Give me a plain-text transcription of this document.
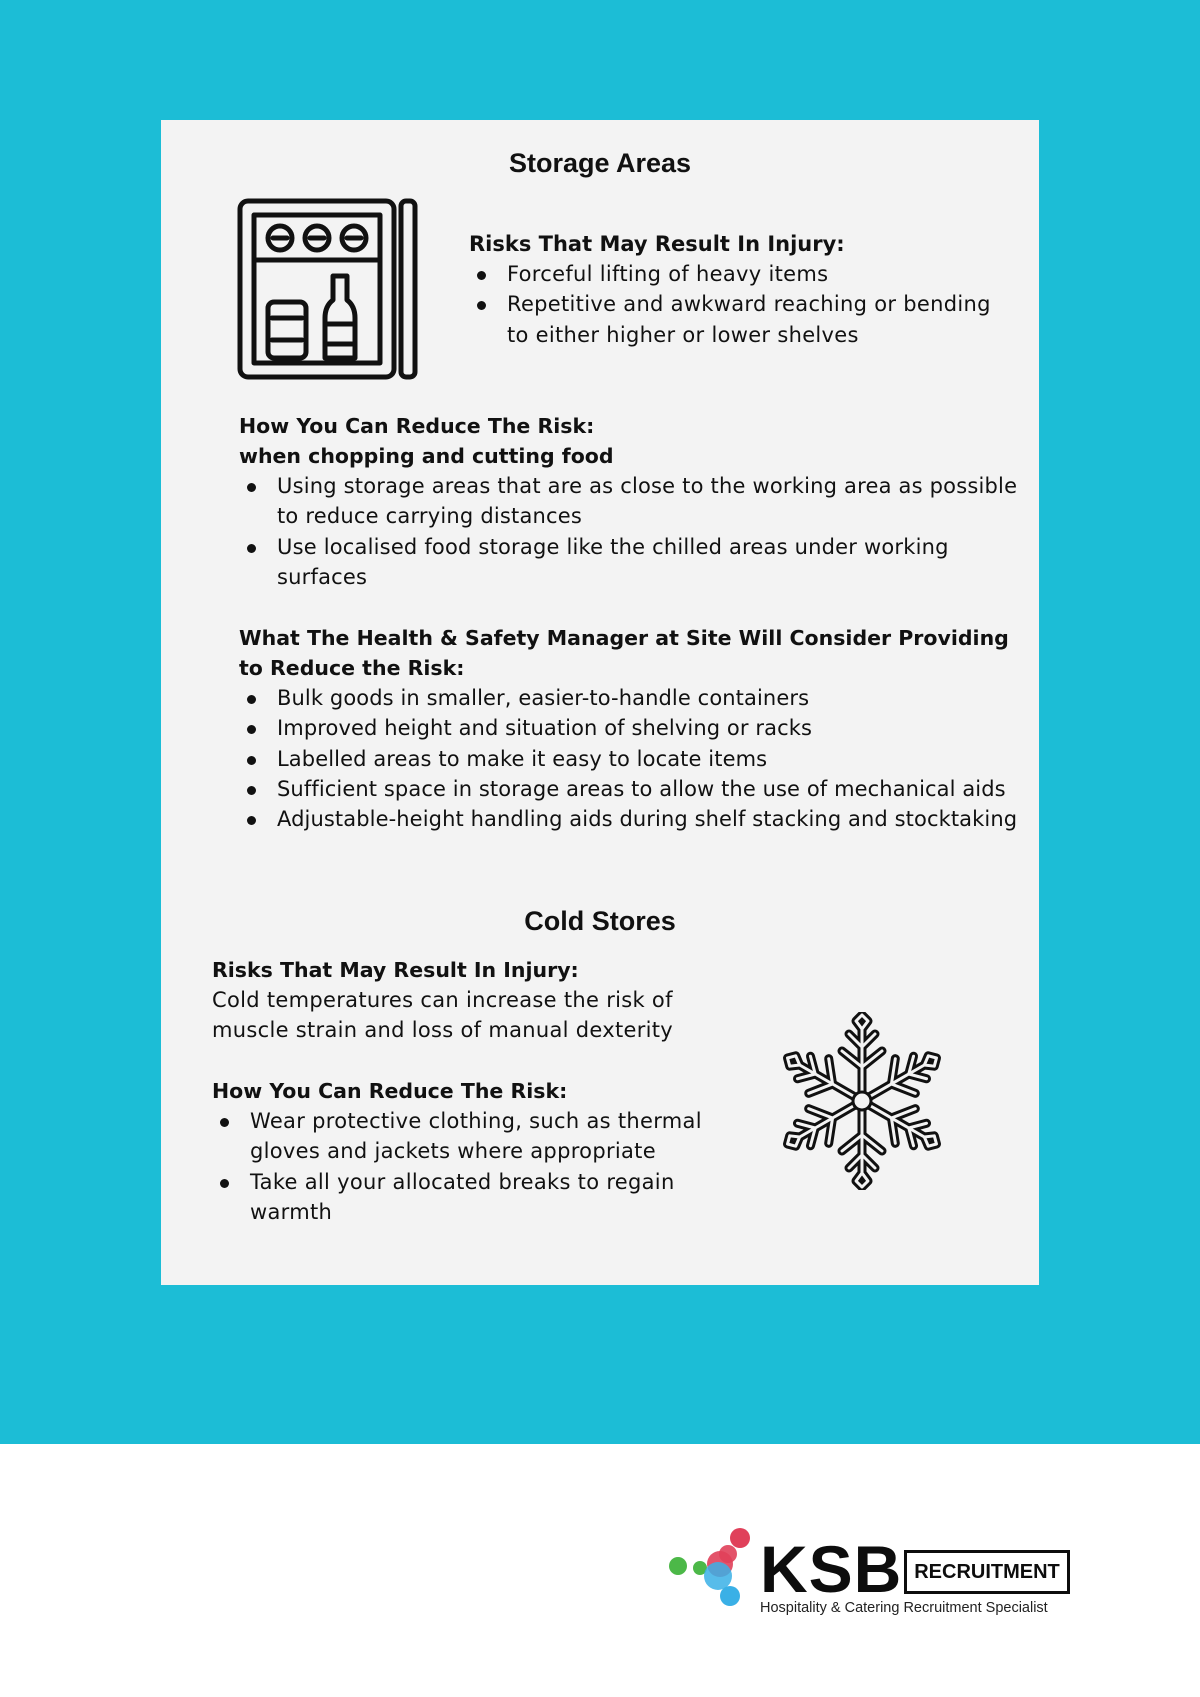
Storage Areas

Risks That May Result In Injury:

Forceful lifting of heavy items
Repetitive and awkward reaching or bending to either higher or lower shelves

How You Can Reduce The Risk:

when chopping and cutting food

Using storage areas that are as close to the working area as possible to reduce carrying distances
Use localised food storage like the chilled areas under working surfaces

What The Health & Safety Manager at Site Will Consider Providing to Reduce the Risk:

Bulk goods in smaller, easier-to-handle containers
Improved height and situation of shelving or racks
Labelled areas to make it easy to locate items
Sufficient space in storage areas to allow the use of mechanical aids
Adjustable-height handling aids during shelf stacking and stocktaking
Cold Stores

Risks That May Result In Injury:

Cold temperatures can increase the risk of muscle strain and loss of manual dexterity

How You Can Reduce The Risk:

Wear protective clothing, such as thermal gloves and jackets where appropriate
Take all your allocated breaks to regain warmth
KSB RECRUITMENT
Hospitality & Catering Recruitment Specialist
